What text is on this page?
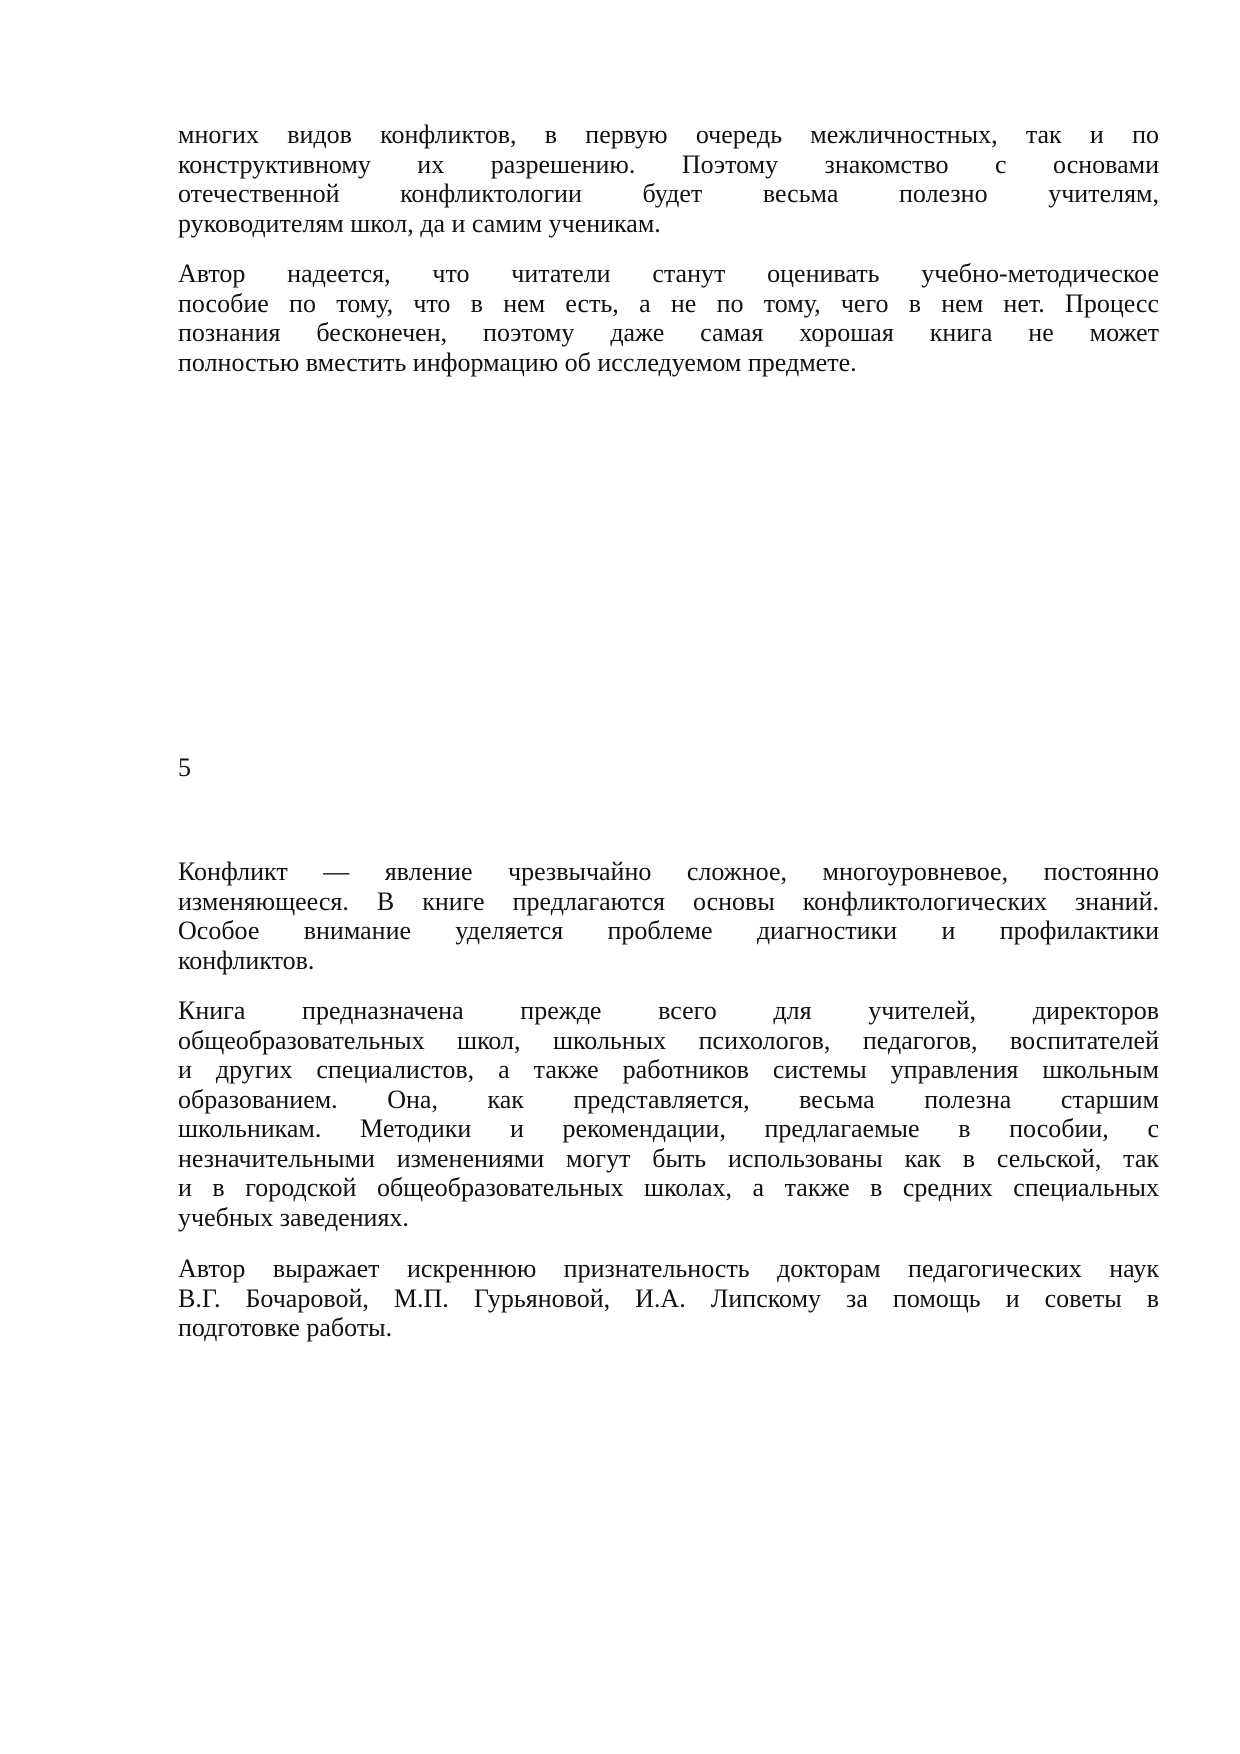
многих видов конфликтов, в первую очередь межличностных, так и по
конструктивному их разрешению. Поэтому знакомство с основами
отечественной конфликтологии будет весьма полезно учителям,
руководителям школ, да и самим ученикам.
Автор надеется, что читатели станут оценивать учебно-методическое
пособие по тому, что в нем есть, а не по тому, чего в нем нет. Процесс
познания бесконечен, поэтому даже самая хорошая книга не может
полностью вместить информацию об исследуемом предмете.
5
Конфликт — явление чрезвычайно сложное, многоуровневое, постоянно
изменяющееся. В книге предлагаются основы конфликтологических знаний.
Особое внимание уделяется проблеме диагностики и профилактики
конфликтов.
Книга предназначена прежде всего для учителей, директоров
общеобразовательных школ, школьных психологов, педагогов, воспитателей
и других специалистов, а также работников системы управления школьным
образованием. Она, как представляется, весьма полезна старшим
школьникам. Методики и рекомендации, предлагаемые в пособии, с
незначительными изменениями могут быть использованы как в сельской, так
и в городской общеобразовательных школах, а также в средних специальных
учебных заведениях.
Автор выражает искреннюю признательность докторам педагогических наук
В.Г. Бочаровой, М.П. Гурьяновой, И.А. Липскому за помощь и советы в
подготовке работы.
